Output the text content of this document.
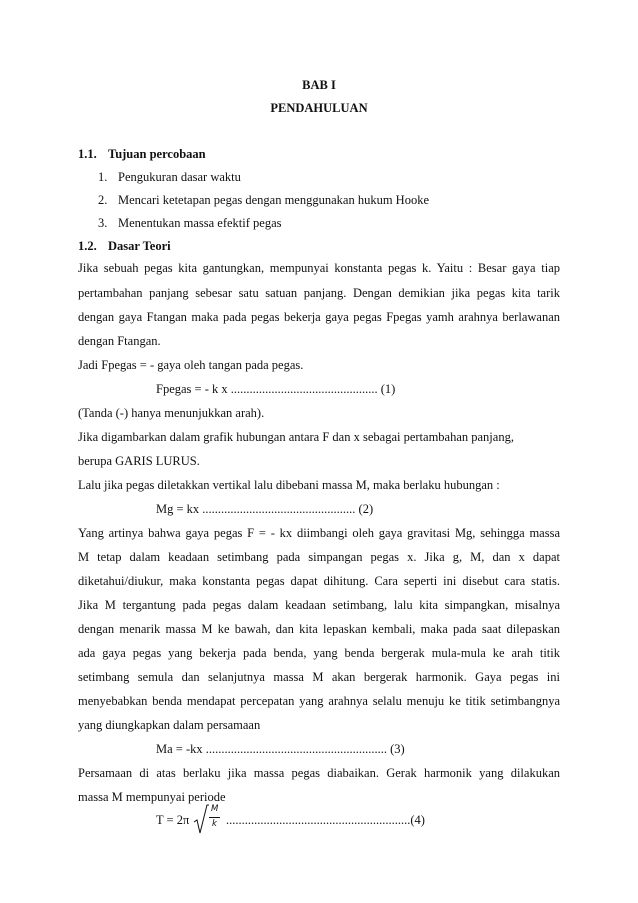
BAB I
PENDAHULUAN
1.1. Tujuan percobaan
1. Pengukuran dasar waktu
2. Mencari ketetapan pegas dengan menggunakan hukum Hooke
3. Menentukan massa efektif pegas
1.2. Dasar Teori
Jika sebuah pegas kita gantungkan, mempunyai konstanta pegas k. Yaitu : Besar gaya tiap
pertambahan panjang sebesar satu satuan panjang. Dengan demikian jika pegas kita tarik
dengan gaya Ftangan maka pada pegas bekerja gaya pegas Fpegas yamh arahnya berlawanan
dengan Ftangan.
Jadi Fpegas = - gaya oleh tangan pada pegas.
Fpegas = - k x ............................................... (1)
(Tanda (-) hanya menunjukkan arah).
Jika digambarkan dalam grafik hubungan antara F dan x sebagai pertambahan panjang,
berupa GARIS LURUS.
Lalu jika pegas diletakkan vertikal lalu dibebani massa M, maka berlaku hubungan :
Mg = kx ................................................. (2)
Yang artinya bahwa gaya pegas F = - kx diimbangi oleh gaya gravitasi Mg, sehingga massa
M tetap dalam keadaan setimbang pada simpangan pegas x. Jika g, M, dan x dapat
diketahui/diukur, maka konstanta pegas dapat dihitung. Cara seperti ini disebut cara statis.
Jika M tergantung pada pegas dalam keadaan setimbang, lalu kita simpangkan, misalnya
dengan menarik massa M ke bawah, dan kita lepaskan kembali, maka pada saat dilepaskan
ada gaya pegas yang bekerja pada benda, yang benda bergerak mula-mula ke arah titik
setimbang semula dan selanjutnya massa M akan bergerak harmonik. Gaya pegas ini
menyebabkan benda mendapat percepatan yang arahnya selalu menuju ke titik setimbangnya
yang diungkapkan dalam persamaan
Ma = -kx .......................................................... (3)
Persamaan di atas berlaku jika massa pegas diabaikan. Gerak harmonik yang dilakukan
massa M mempunyai periode
T = 2π
M
k ...........................................................(4)
